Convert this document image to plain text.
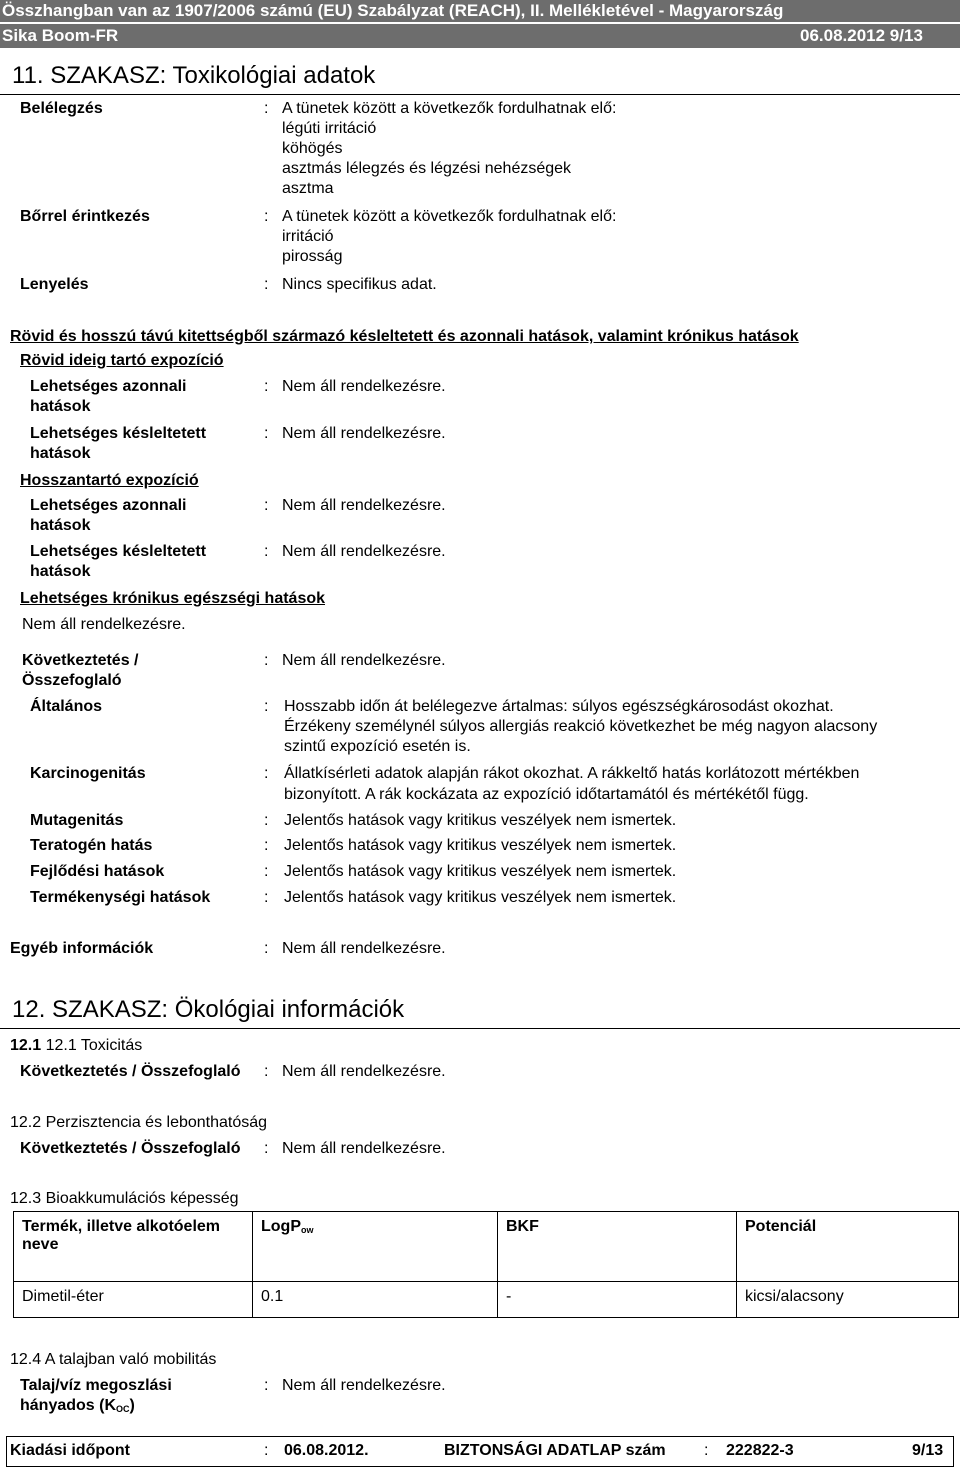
Összhangban van az 1907/2006 számú (EU) Szabályzat (REACH), II. Mellékletével - Magyarország
Sika Boom-FR	06.08.2012 9/13
11. SZAKASZ: Toxikológiai adatok
Belélegzés	: A tünetek között a következők fordulhatnak elő:
légúti irritáció
köhögés
asztmás lélegzés és légzési nehézségek
asztma
Bőrrel érintkezés	: A tünetek között a következők fordulhatnak elő:
irritáció
pirosság
Lenyelés	: Nincs specifikus adat.
Rövid és hosszú távú kitettségből származó késleltetett és azonnali hatások, valamint krónikus hatások
Rövid ideig tartó expozíció
Lehetséges azonnali
hatások
: Nem áll rendelkezésre.
Lehetséges késleltetett
hatások
: Nem áll rendelkezésre.
Hosszantartó expozíció
Lehetséges azonnali
hatások
: Nem áll rendelkezésre.
Lehetséges késleltetett
hatások
: Nem áll rendelkezésre.
Lehetséges krónikus egészségi hatások
Nem áll rendelkezésre.
Következtetés /
Összefoglaló
: Nem áll rendelkezésre.
Általános	: Hosszabb időn át belélegezve ártalmas: súlyos egészségkárosodást okozhat.
Érzékeny személynél súlyos allergiás reakció következhet be még nagyon alacsony
szintű expozíció esetén is.
Karcinogenitás	: Állatkísérleti adatok alapján rákot okozhat. A rákkeltő hatás korlátozott mértékben
bizonyított. A rák kockázata az expozíció időtartamától és mértékétől függ.
Mutagenitás	: Jelentős hatások vagy kritikus veszélyek nem ismertek.
Teratogén hatás	: Jelentős hatások vagy kritikus veszélyek nem ismertek.
Fejlődési hatások	: Jelentős hatások vagy kritikus veszélyek nem ismertek.
Termékenységi hatások	: Jelentős hatások vagy kritikus veszélyek nem ismertek.
Egyéb információk	: Nem áll rendelkezésre.
12. SZAKASZ: Ökológiai információk
12.1 12.1 Toxicitás
Következtetés / Összefoglaló : Nem áll rendelkezésre.
12.2 Perzisztencia és lebonthatóság
Következtetés / Összefoglaló : Nem áll rendelkezésre.
12.3 Bioakkumulációs képesség
Termék, illetve alkotóelem
neve	LogP$_{ow}$	BKF	Potenciál
Dimetil-éter	0.1	-	kicsi/alacsony
12.4 A talajban való mobilitás
Talaj/víz megoszlási
hányados $(K_{OC})$
: Nem áll rendelkezésre.
Kiadási időpont	: 06.08.2012.	BIZTONSÁGI ADATLAP szám : 222822-3	9/13
